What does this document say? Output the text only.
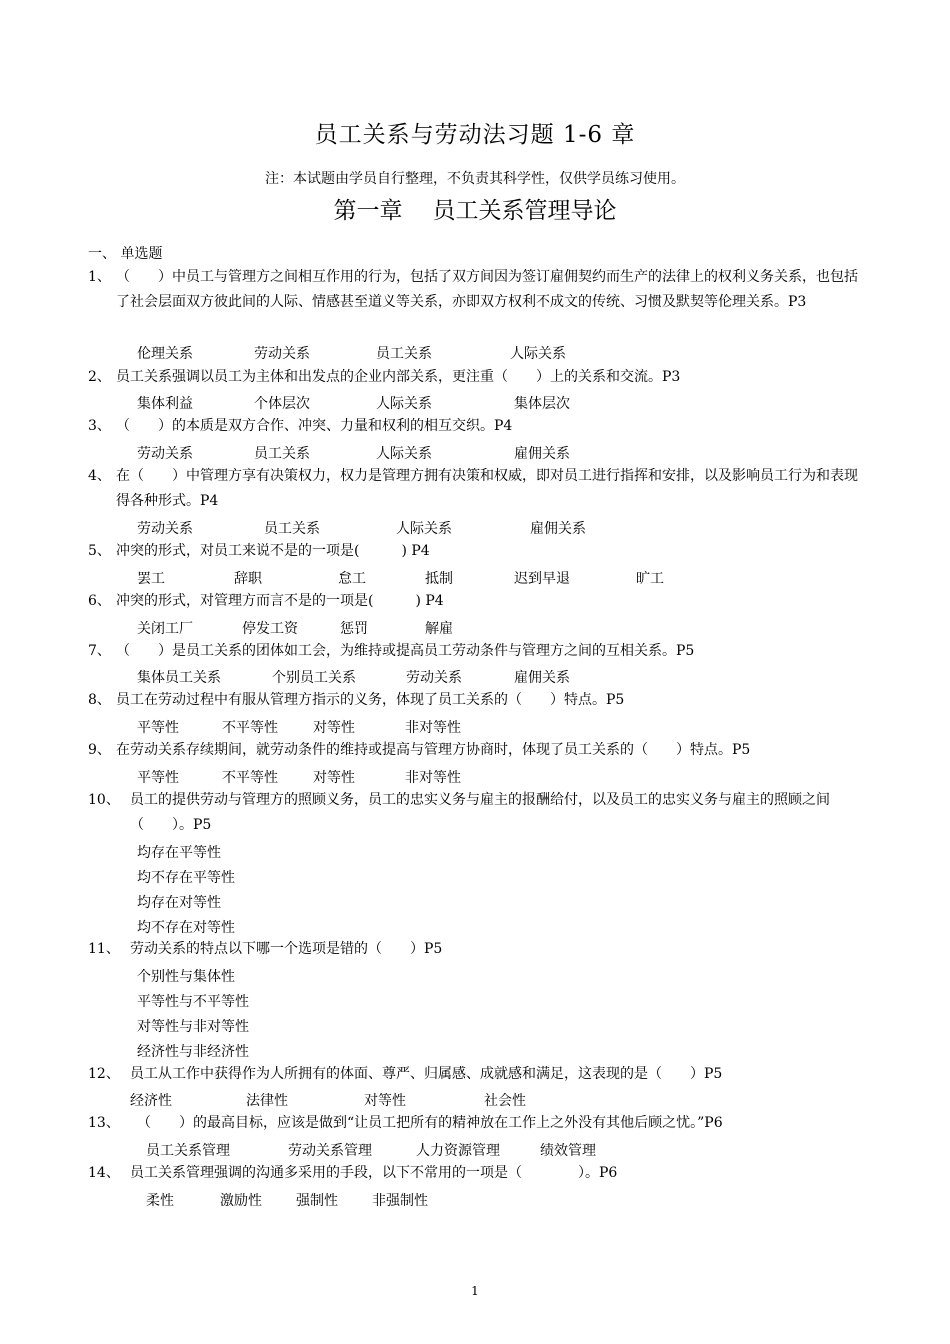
员工关系与劳动法习题 1-6 章
注：本试题由学员自行整理，不负责其科学性，仅供学员练习使用。
第一章 员工关系管理导论
一、 单选题
1、 （　　）中员工与管理方之间相互作用的行为，包括了双方间因为签订雇佣契约而生产的法律上的权利义务关系，也包括了社会层面双方彼此间的人际、情感甚至道义等关系，亦即双方权利不成文的传统、习惯及默契等伦理关系。P3
伦理关系	劳动关系	员工关系	人际关系
2、 员工关系强调以员工为主体和出发点的企业内部关系，更注重（　　）上的关系和交流。P3
集体利益	个体层次	人际关系	集体层次
3、 （　　）的本质是双方合作、冲突、力量和权利的相互交织。P4
劳动关系	员工关系	人际关系	雇佣关系
4、 在（　　）中管理方享有决策权力，权力是管理方拥有决策和权威，即对员工进行指挥和安排，以及影响员工行为和表现得各种形式。P4
劳动关系	员工关系	人际关系	雇佣关系
5、 冲突的形式，对员工来说不是的一项是(　　　) P4
罢工	辞职	怠工	抵制	迟到早退	旷工
6、 冲突的形式，对管理方而言不是的一项是(　　　) P4
关闭工厂	停发工资	惩罚	解雇
7、 （　　）是员工关系的团体如工会，为维持或提高员工劳动条件与管理方之间的互相关系。P5
集体员工关系	个别员工关系	劳动关系	雇佣关系
8、 员工在劳动过程中有服从管理方指示的义务，体现了员工关系的（　　）特点。P5
平等性	不平等性	对等性	非对等性
9、 在劳动关系存续期间，就劳动条件的维持或提高与管理方协商时，体现了员工关系的（　　）特点。P5
平等性	不平等性	对等性	非对等性
10、 员工的提供劳动与管理方的照顾义务，员工的忠实义务与雇主的报酬给付，以及员工的忠实义务与雇主的照顾之间（　　）。P5
均存在平等性
均不存在平等性
均存在对等性
均不存在对等性
11、 劳动关系的特点以下哪一个选项是错的（　　）P5
个别性与集体性
平等性与不平等性
对等性与非对等性
经济性与非经济性
12、 员工从工作中获得作为人所拥有的体面、尊严、归属感、成就感和满足，这表现的是（　　）P5
经济性	法律性	对等性	社会性
13、 （　　）的最高目标，应该是做到“让员工把所有的精神放在工作上之外没有其他后顾之忧。”P6
员工关系管理	劳动关系管理	人力资源管理	绩效管理
14、 员工关系管理强调的沟通多采用的手段，以下不常用的一项是（　　　　）。P6
柔性	激励性 强制性 非强制性
1
